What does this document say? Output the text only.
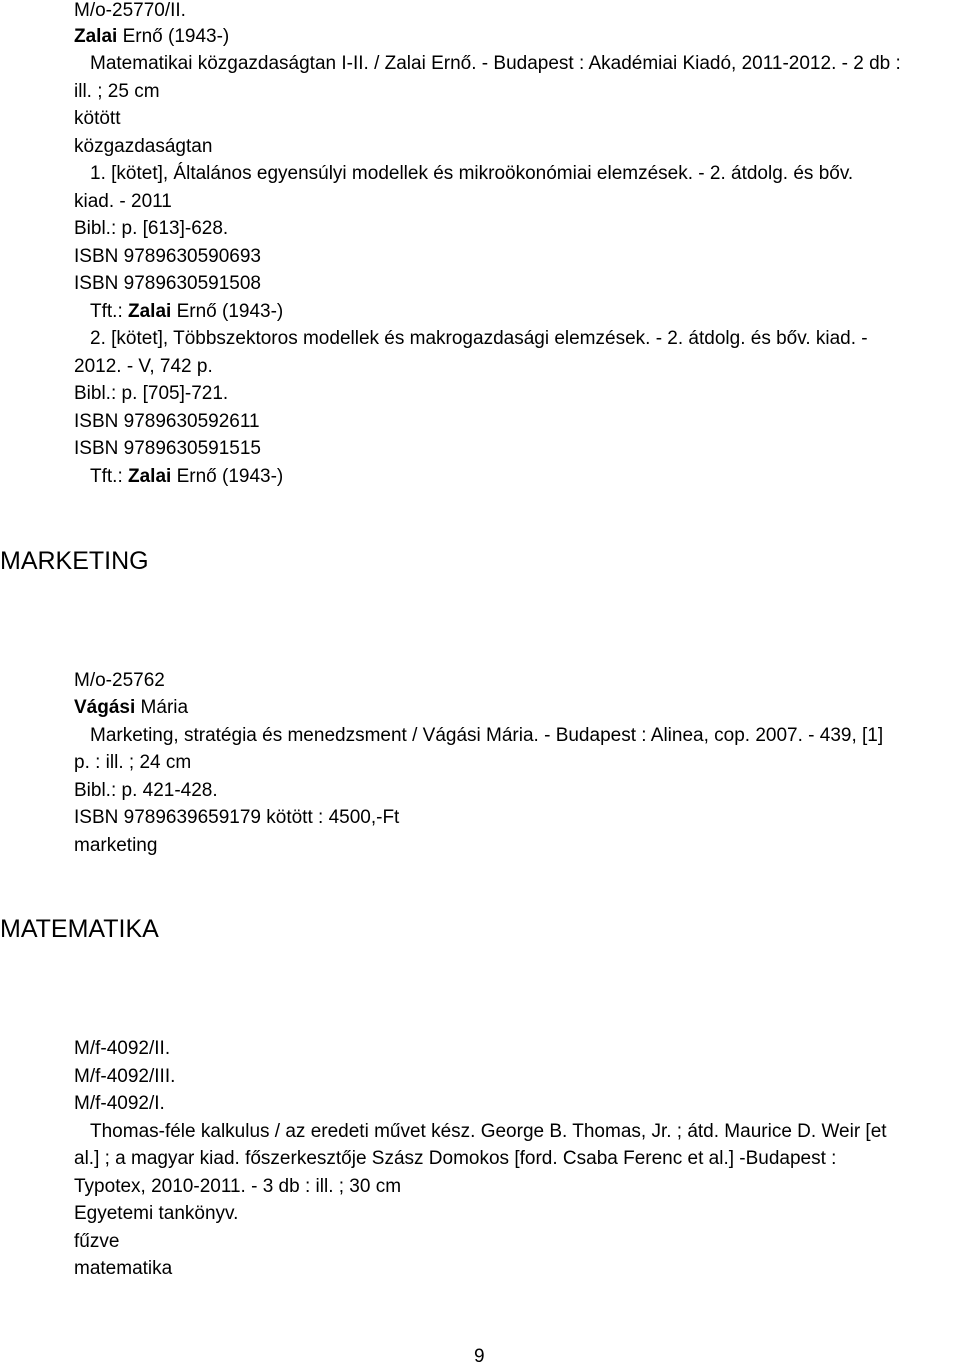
M/o-25770/II.
Zalai Ernő (1943-)
Matematikai közgazdaságtan I-II. / Zalai Ernő. - Budapest : Akadémiai Kiadó, 2011-2012. - 2 db :
ill. ; 25 cm
kötött
közgazdaságtan
1. [kötet], Általános egyensúlyi modellek és mikroökonómiai elemzések. - 2. átdolg. és bőv.
kiad. - 2011
Bibl.: p. [613]-628.
ISBN 9789630590693
ISBN 9789630591508
Tft.: Zalai Ernő (1943-)
2. [kötet], Többszektoros modellek és makrogazdasági elemzések. - 2. átdolg. és bőv. kiad. -
2012. - V, 742 p.
Bibl.: p. [705]-721.
ISBN 9789630592611
ISBN 9789630591515
Tft.: Zalai Ernő (1943-)
MARKETING
M/o-25762
Vágási Mária
Marketing, stratégia és menedzsment / Vágási Mária. - Budapest : Alinea, cop. 2007. - 439, [1]
p. : ill. ; 24 cm
Bibl.: p. 421-428.
ISBN 9789639659179 kötött : 4500,-Ft
marketing
MATEMATIKA
M/f-4092/II.
M/f-4092/III.
M/f-4092/I.
Thomas-féle kalkulus / az eredeti művet kész. George B. Thomas, Jr. ; átd. Maurice D. Weir [et
al.] ; a magyar kiad. főszerkesztője Szász Domokos [ford. Csaba Ferenc et al.] -Budapest :
Typotex, 2010-2011. - 3 db : ill. ; 30 cm
Egyetemi tankönyv.
fűzve
matematika
9
